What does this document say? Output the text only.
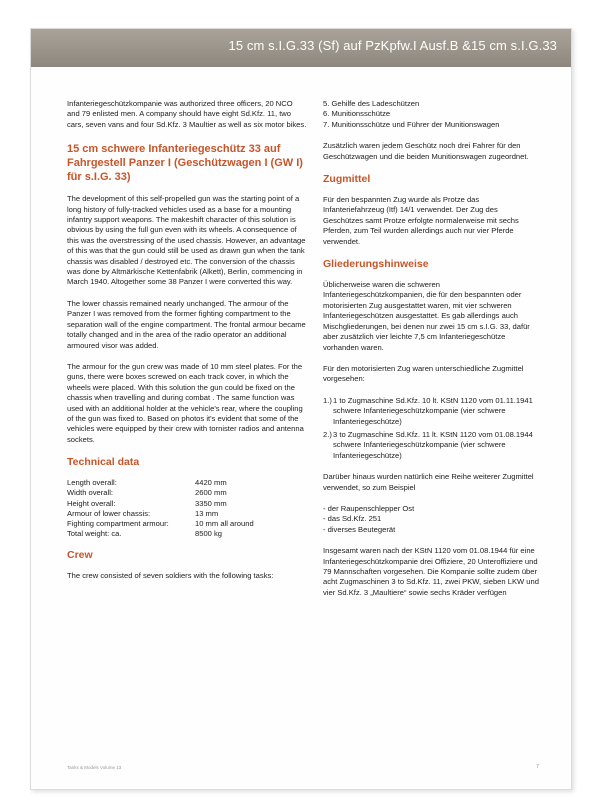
15 cm s.I.G.33 (Sf) auf PzKpfw.I Ausf.B &15 cm s.I.G.33

Infanteriegeschützkompanie was authorized three officers, 20 NCO and 79 enlisted men. A company should have eight Sd.Kfz. 11, two cars, seven vans and four Sd.Kfz. 3 Maultier as well as six motor bikes.

15 cm schwere Infanteriegeschütz 33 auf Fahrgestell Panzer I (Geschützwagen I (GW I) für s.I.G. 33)

The development of this self-propelled gun was the starting point of a long history of fully-tracked vehicles used as a base for a mounting infantry support weapons. The makeshift character of this solution is obvious by using the full gun even with its wheels. A consequence of this was the overstressing of the used chassis. However, an advantage of this was that the gun could still be used as drawn gun when the tank chassis was disabled / destroyed etc. The conversion of the chassis was done by Altmärkische Kettenfabrik (Alkett), Berlin, commencing in March 1940. Altogether some 38 Panzer I were converted this way.

The lower chassis remained nearly unchanged. The armour of the Panzer I was removed from the former fighting compartment to the separation wall of the engine compartment. The frontal armour became totally changed and in the area of the radio operator an additional armoured visor was added.

The armour for the gun crew was made of 10 mm steel plates. For the guns, there were boxes screwed on each track cover, in which the wheels were placed. With this solution the gun could be fixed on the chassis when travelling and during combat . The same function was used with an additional holder at the vehicle's rear, where the coupling of the gun was fixed to. Based on photos it's evident that some of the vehicles were equipped by their crew with tornister radios and antenna sockets.

Technical data
Length overall:	4420 mm
Width overall:	2600 mm
Height overall:	3350 mm
Armour of lower chassis:	13 mm
Fighting compartment armour:	10 mm all around
Total weight: ca.	8500 kg
Crew

The crew consisted of seven soldiers with the following tasks:

5. Gehilfe des Ladeschützen
6. Munitionsschütze
7. Munitionsschütze und Führer der Munitionswagen

Zusätzlich waren jedem Geschütz noch drei Fahrer für den Geschützwagen und die beiden Munitionswagen zugeordnet.

Zugmittel

Für den bespannten Zug wurde als Protze das Infanteriefahrzeug (Itf) 14/1 verwendet. Der Zug des Geschützes samt Protze erfolgte normalerweise mit sechs Pferden, zum Teil wurden allerdings auch nur vier Pferde verwendet.

Gliederungshinweise

Üblicherweise waren die schweren Infanteriegeschützkompanien, die für den bespannten oder motorisierten Zug ausgestattet waren, mit vier schweren Infanteriegeschützen ausgestattet. Es gab allerdings auch Mischgliederungen, bei denen nur zwei 15 cm s.I.G. 33, dafür aber zusätzlich vier leichte 7,5 cm Infanteriegeschütze vorhanden waren.

Für den motorisierten Zug waren unterschiedliche Zugmittel vorgesehen:

1.) 1 to Zugmaschine Sd.Kfz. 10 lt. KStN 1120 vom 01.11.1941 schwere Infanteriegeschützkompanie (vier schwere Infanteriegeschütze)
2.) 3 to Zugmaschine Sd.Kfz. 11 lt. KStN 1120 vom 01.08.1944 schwere Infanteriegeschützkompanie (vier schwere Infanteriegeschütze)

Darüber hinaus wurden natürlich eine Reihe weiterer Zugmittel verwendet, so zum Beispiel

- der Raupenschlepper Ost
- das Sd.Kfz. 251
- diverses Beutegerät

Insgesamt waren nach der KStN 1120 vom 01.08.1944 für eine Infanteriegeschützkompanie drei Offiziere, 20 Unteroffiziere und 79 Mannschaften vorgesehen. Die Kompanie sollte zudem über acht Zugmaschinen 3 to Sd.Kfz. 11, zwei PKW, sieben LKW und vier Sd.Kfz. 3 „Maultiere“ sowie sechs Kräder verfügen

Tanks & Models Volume 13	7
